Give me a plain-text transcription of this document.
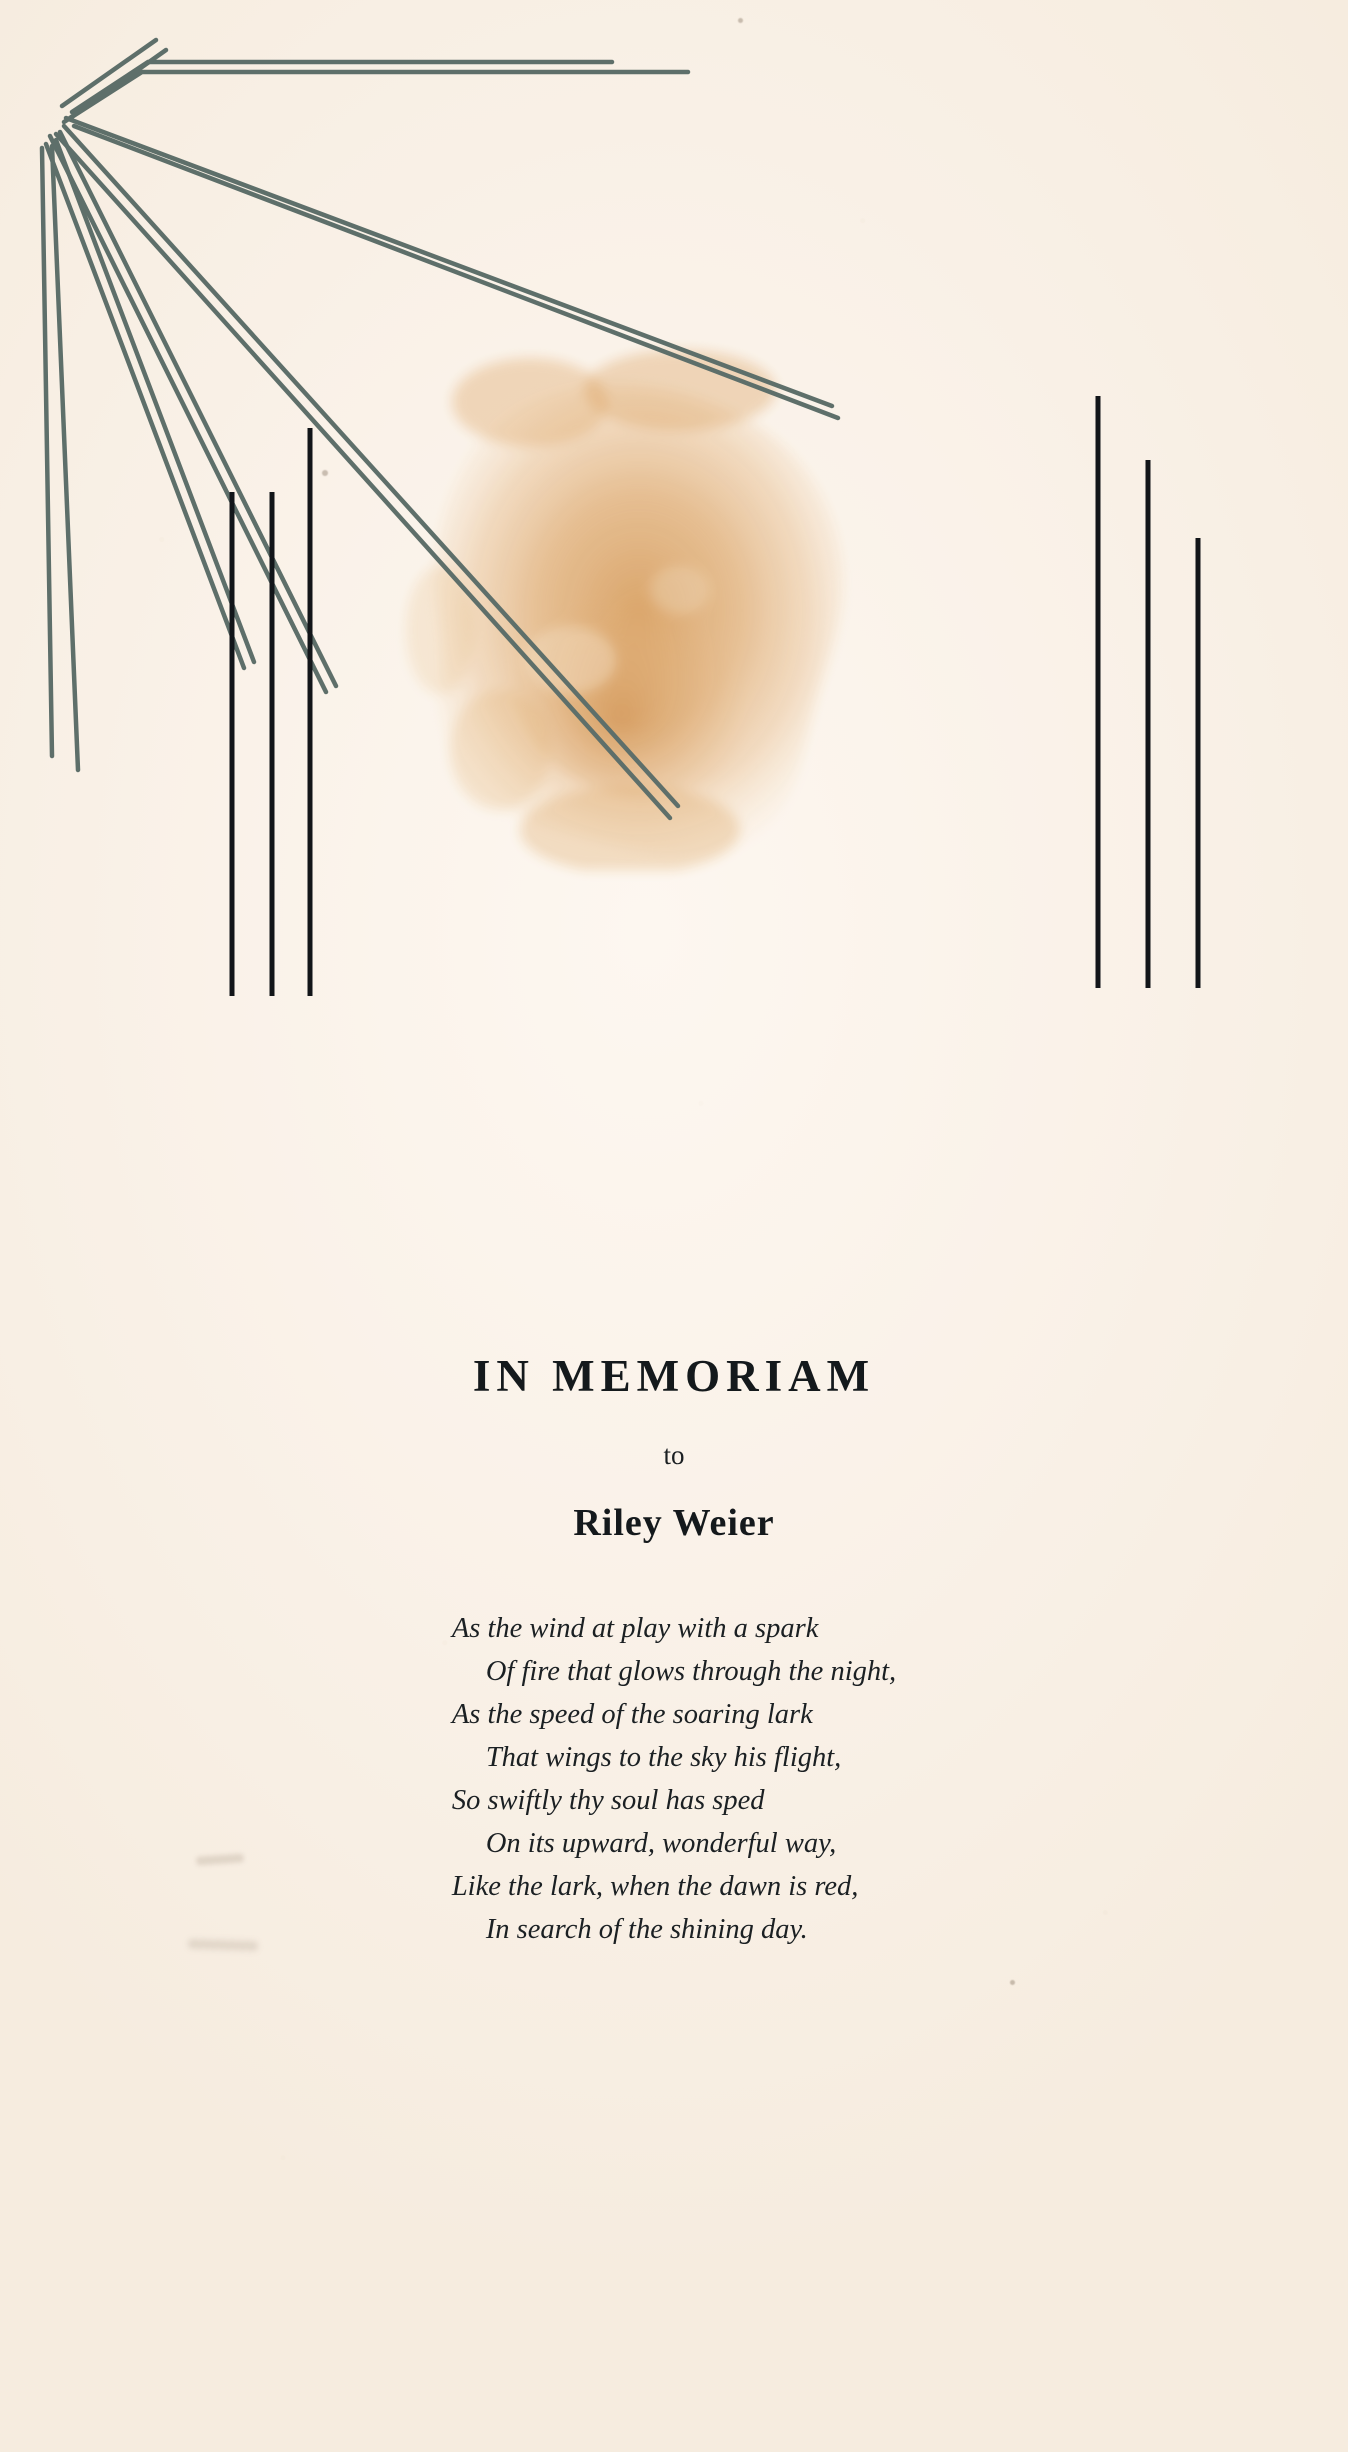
IN MEMORIAM
to
Riley Weier
As the wind at play with a spark
Of fire that glows through the night,
As the speed of the soaring lark
That wings to the sky his flight,
So swiftly thy soul has sped
On its upward, wonderful way,
Like the lark, when the dawn is red,
In search of the shining day.
